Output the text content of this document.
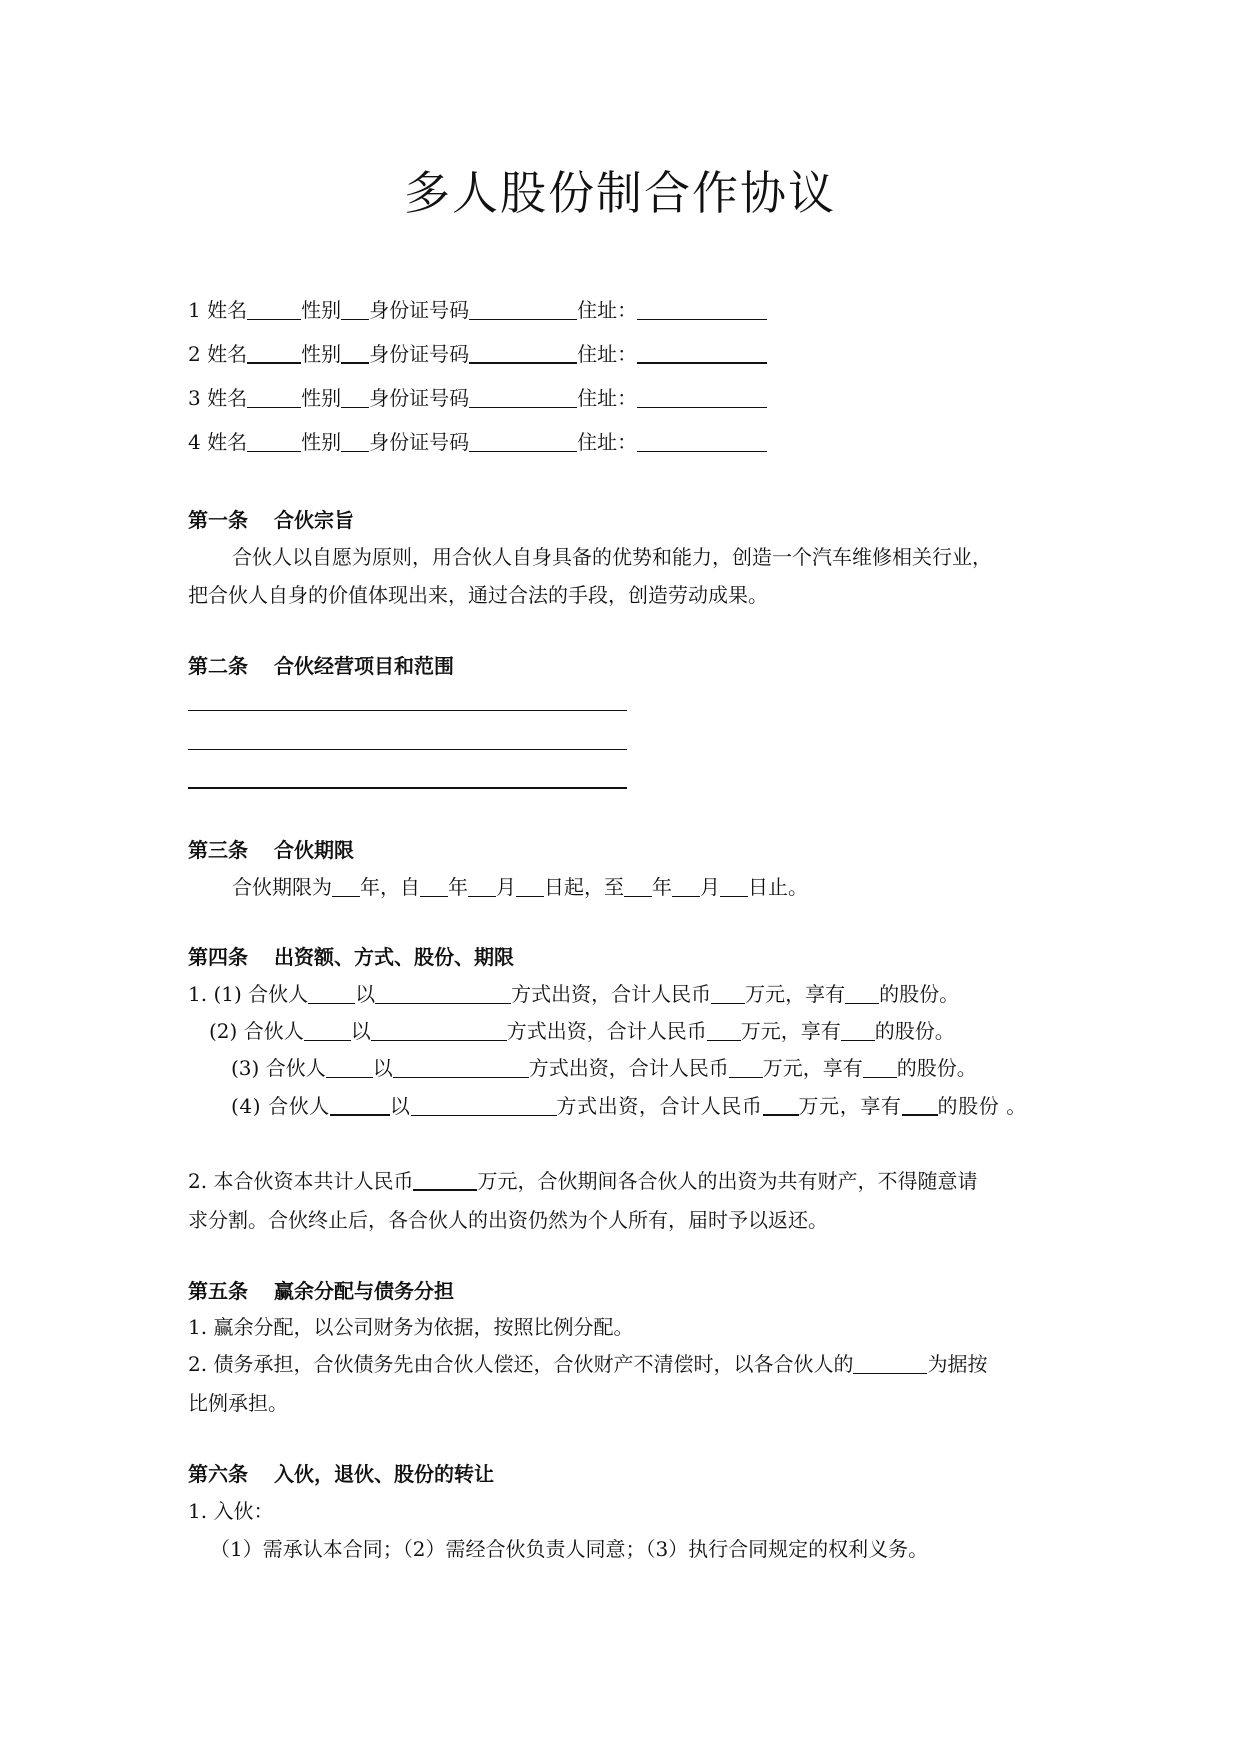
多人股份制合作协议
1 姓名	性别 身份证号码	住址：
2 姓名	性别 身份证号码	住址：
3 姓名	性别 身份证号码	住址：
4 姓名	性别 身份证号码	住址：
第一条 合伙宗旨
合伙人以自愿为原则，用合伙人自身具备的优势和能力，创造一个汽车维修相关行业，
把合伙人自身的价值体现出来，通过合法的手段，创造劳动成果。
第二条 合伙经营项目和范围
第三条 合伙期限
合伙期限为 年，自 年 月 日起，至 年 月 日止。
第四条 出资额、方式、股份、期限
1. (1) 合伙人 以	方式出资，合计人民币 万元，享有 的股份。
(2) 合伙人 以	方式出资，合计人民币 万元，享有 的股份。
(3) 合伙人 以	方式出资，合计人民币 万元，享有 的股份。
(4) 合伙人	以	方式出资，合计人民币 万元，享有 的股份 。
2. 本合伙资本共计人民币	万元，合伙期间各合伙人的出资为共有财产，不得随意请
求分割。合伙终止后，各合伙人的出资仍然为个人所有，届时予以返还。
第五条 赢余分配与债务分担
1. 赢余分配，以公司财务为依据，按照比例分配。
2. 债务承担，合伙债务先由合伙人偿还，合伙财产不清偿时，以各合伙人的	为据按
比例承担。
第六条 入伙，退伙、股份的转让
1. 入伙：
（1）需承认本合同；（2）需经合伙负责人同意；（3）执行合同规定的权利义务。
